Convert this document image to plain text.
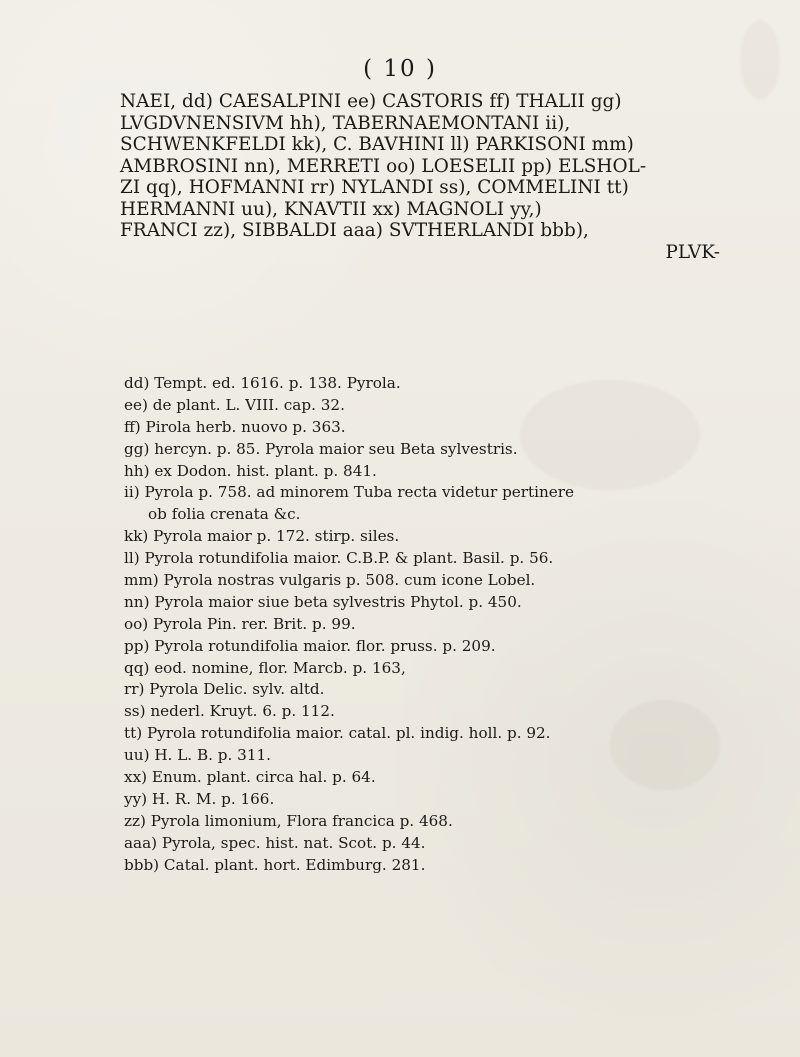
( 10 )
NAEI, dd) CAESALPINI ee) CASTORIS ff) THALII gg)
LVGDVNENSIVM hh), TABERNAEMONTANI ii),
SCHWENKFELDI kk), C. BAVHINI ll) PARKISONI mm)
AMBROSINI nn), MERRETI oo) LOESELII pp) ELSHOL-
ZI qq), HOFMANNI rr) NYLANDI ss), COMMELINI tt)
HERMANNI uu), KNAVTII xx) MAGNOLI yy,)
FRANCI zz), SIBBALDI aaa) SVTHERLANDI bbb),
PLVK-
dd) Tempt. ed. 1616. p. 138. Pyrola.
ee) de plant. L. VIII. cap. 32.
ff) Pirola herb. nuovo p. 363.
gg) hercyn. p. 85. Pyrola maior seu Beta sylvestris.
hh) ex Dodon. hist. plant. p. 841.
ii) Pyrola p. 758. ad minorem Tuba recta videtur pertinere
ob folia crenata &c.
kk) Pyrola maior p. 172. stirp. siles.
ll) Pyrola rotundifolia maior. C.B.P. & plant. Basil. p. 56.
mm) Pyrola nostras vulgaris p. 508. cum icone Lobel.
nn) Pyrola maior siue beta sylvestris Phytol. p. 450.
oo) Pyrola Pin. rer. Brit. p. 99.
pp) Pyrola rotundifolia maior. flor. pruss. p. 209.
qq) eod. nomine, flor. Marcb. p. 163,
rr) Pyrola Delic. sylv. altd.
ss) nederl. Kruyt. 6. p. 112.
tt) Pyrola rotundifolia maior. catal. pl. indig. holl. p. 92.
uu) H. L. B. p. 311.
xx) Enum. plant. circa hal. p. 64.
yy) H. R. M. p. 166.
zz) Pyrola limonium, Flora francica p. 468.
aaa) Pyrola, spec. hist. nat. Scot. p. 44.
bbb) Catal. plant. hort. Edimburg. 281.
